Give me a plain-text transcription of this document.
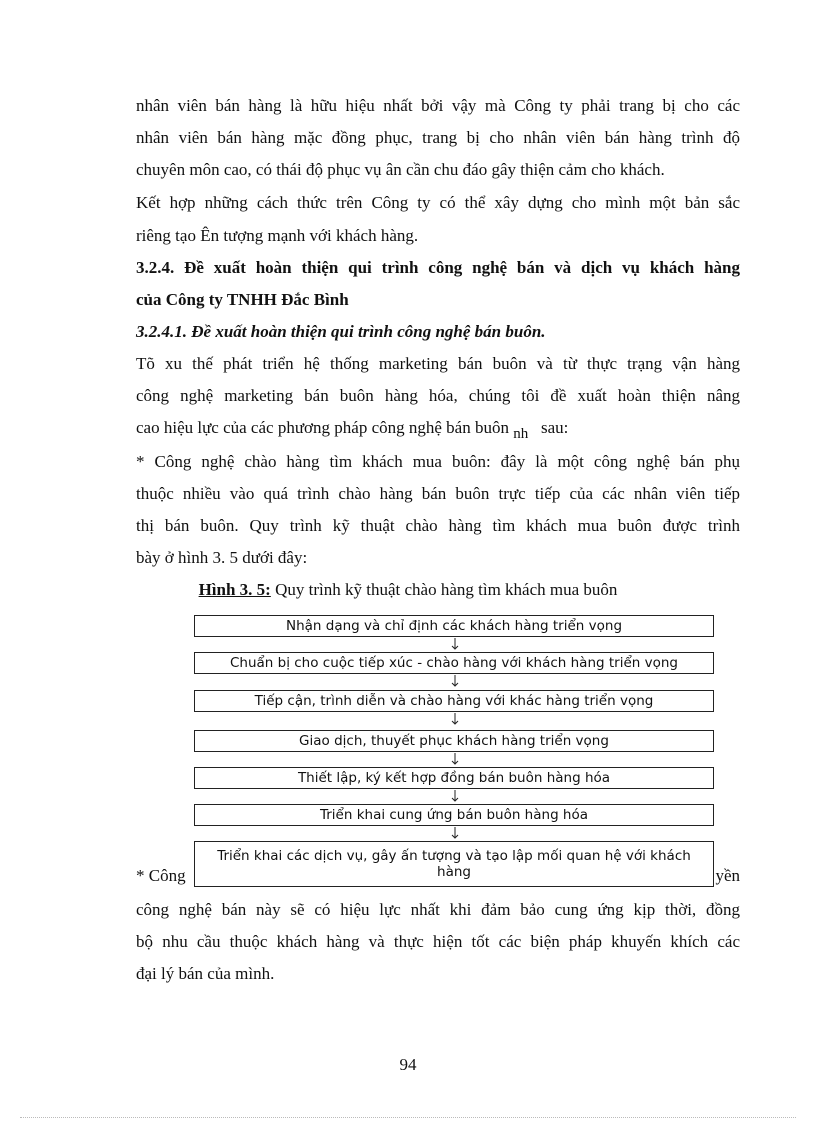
nhân viên bán hàng là hữu hiệu nhất bởi vậy mà Công ty phải trang bị cho các
nhân viên bán hàng mặc đồng phục, trang bị cho nhân viên bán hàng trình độ
chuyên môn cao, có thái độ phục vụ ân cần chu đáo gây thiện cảm cho khách.
Kết hợp những cách thức trên Công ty có thể xây dựng cho mình một bản sắc
riêng tạo Ên tượng mạnh với khách hàng.
3.2.4. Đề xuất hoàn thiện qui trình công nghệ bán và dịch vụ khách hàng
của Công ty TNHH Đắc Bình
3.2.4.1. Đề xuất hoàn thiện qui trình công nghệ bán buôn.
Tõ xu thế phát triển hệ thống marketing bán buôn và từ thực trạng vận hàng
công nghệ marketing bán buôn hàng hóa, chúng tôi đề xuất hoàn thiện nâng
cao hiệu lực của các phương pháp công nghệ bán buôn nh sau:
* Công nghệ chào hàng tìm khách mua buôn: đây là một công nghệ bán phụ
thuộc nhiều vào quá trình chào hàng bán buôn trực tiếp của các nhân viên tiếp
thị bán buôn. Quy trình kỹ thuật chào hàng tìm khách mua buôn được trình
bày ở hình 3. 5 dưới đây:
* Công	yền
công nghệ bán này sẽ có hiệu lực nhất khi đảm bảo cung ứng kịp thời, đồng
bộ nhu cầu thuộc khách hàng và thực hiện tốt các biện pháp khuyến khích các
đại lý bán của mình.
Hình 3. 5: Quy trình kỹ thuật chào hàng tìm khách mua buôn
Nhận dạng và chỉ định các khách hàng triển vọng
Chuẩn bị cho cuộc tiếp xúc - chào hàng với khách hàng triển vọng
Tiếp cận, trình diễn và chào hàng với khác hàng triển vọng
Giao dịch, thuyết phục khách hàng triển vọng
Thiết lập, ký kết hợp đồng bán buôn hàng hóa
Triển khai cung ứng bán buôn hàng hóa
Triển khai các dịch vụ, gây ấn tượng và tạo lập mối quan hệ với khách hàng
94
